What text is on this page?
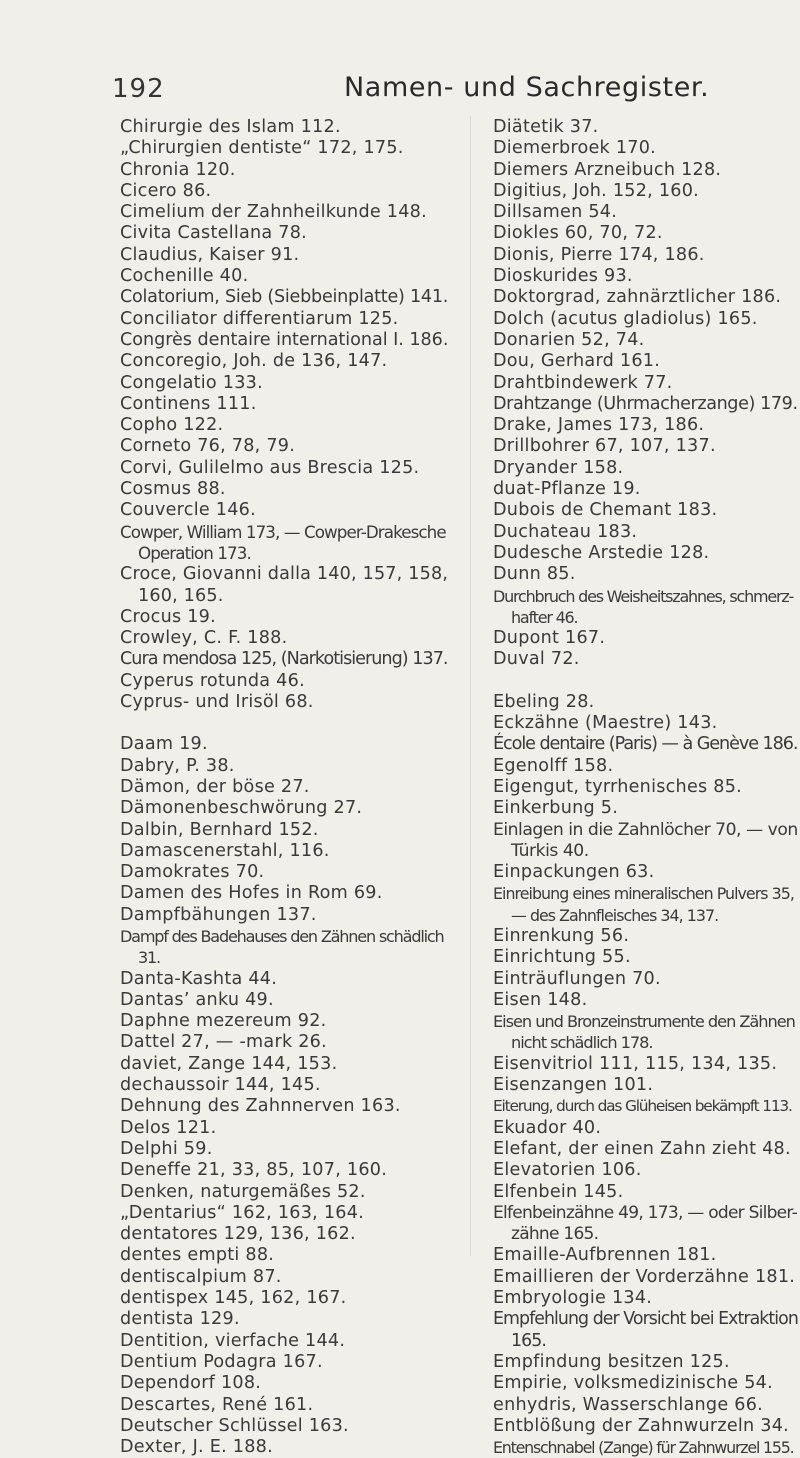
192	Namen- und Sachregister.
Chirurgie des Islam 112.
„Chirurgien dentiste“ 172, 175.
Chronia 120.
Cicero 86.
Cimelium der Zahnheilkunde 148.
Civita Castellana 78.
Claudius, Kaiser 91.
Cochenille 40.
Colatorium, Sieb (Siebbeinplatte) 141.
Conciliator differentiarum 125.
Congrès dentaire international I. 186.
Concoregio, Joh. de 136, 147.
Congelatio 133.
Continens 111.
Copho 122.
Corneto 76, 78, 79.
Corvi, Gulilelmo aus Brescia 125.
Cosmus 88.
Couvercle 146.
Cowper, William 173, — Cowper-Drakesche
Operation 173.
Croce, Giovanni dalla 140, 157, 158,
160, 165.
Crocus 19.
Crowley, C. F. 188.
Cura mendosa 125, (Narkotisierung) 137.
Cyperus rotunda 46.
Cyprus- und Irisöl 68.
Daam 19.
Dabry, P. 38.
Dämon, der böse 27.
Dämonenbeschwörung 27.
Dalbin, Bernhard 152.
Damascenerstahl, 116.
Damokrates 70.
Damen des Hofes in Rom 69.
Dampfbähungen 137.
Dampf des Badehauses den Zähnen schädlich
31.
Danta-Kashta 44.
Dantas’ anku 49.
Daphne mezereum 92.
Dattel 27, — -mark 26.
daviet, Zange 144, 153.
dechaussoir 144, 145.
Dehnung des Zahnnerven 163.
Delos 121.
Delphi 59.
Deneffe 21, 33, 85, 107, 160.
Denken, naturgemäßes 52.
„Dentarius“ 162, 163, 164.
dentatores 129, 136, 162.
dentes empti 88.
dentiscalpium 87.
dentispex 145, 162, 167.
dentista 129.
Dentition, vierfache 144.
Dentium Podagra 167.
Dependorf 108.
Descartes, René 161.
Deutscher Schlüssel 163.
Dexter, J. E. 188.
Diätetik 37.
Diemerbroek 170.
Diemers Arzneibuch 128.
Digitius, Joh. 152, 160.
Dillsamen 54.
Diokles 60, 70, 72.
Dionis, Pierre 174, 186.
Dioskurides 93.
Doktorgrad, zahnärztlicher 186.
Dolch (acutus gladiolus) 165.
Donarien 52, 74.
Dou, Gerhard 161.
Drahtbindewerk 77.
Drahtzange (Uhrmacherzange) 179.
Drake, James 173, 186.
Drillbohrer 67, 107, 137.
Dryander 158.
duat-Pflanze 19.
Dubois de Chemant 183.
Duchateau 183.
Dudesche Arstedie 128.
Dunn 85.
Durchbruch des Weisheitszahnes, schmerz-
hafter 46.
Dupont 167.
Duval 72.
Ebeling 28.
Eckzähne (Maestre) 143.
École dentaire (Paris) — à Genève 186.
Egenolff 158.
Eigengut, tyrrhenisches 85.
Einkerbung 5.
Einlagen in die Zahnlöcher 70, — von
Türkis 40.
Einpackungen 63.
Einreibung eines mineralischen Pulvers 35,
— des Zahnfleisches 34, 137.
Einrenkung 56.
Einrichtung 55.
Einträuflungen 70.
Eisen 148.
Eisen und Bronzeinstrumente den Zähnen
nicht schädlich 178.
Eisenvitriol 111, 115, 134, 135.
Eisenzangen 101.
Eiterung, durch das Glüheisen bekämpft 113.
Ekuador 40.
Elefant, der einen Zahn zieht 48.
Elevatorien 106.
Elfenbein 145.
Elfenbeinzähne 49, 173, — oder Silber-
zähne 165.
Emaille-Aufbrennen 181.
Emaillieren der Vorderzähne 181.
Embryologie 134.
Empfehlung der Vorsicht bei Extraktion
165.
Empfindung besitzen 125.
Empirie, volksmedizinische 54.
enhydris, Wasserschlange 66.
Entblößung der Zahnwurzeln 34.
Entenschnabel (Zange) für Zahnwurzel 155.
